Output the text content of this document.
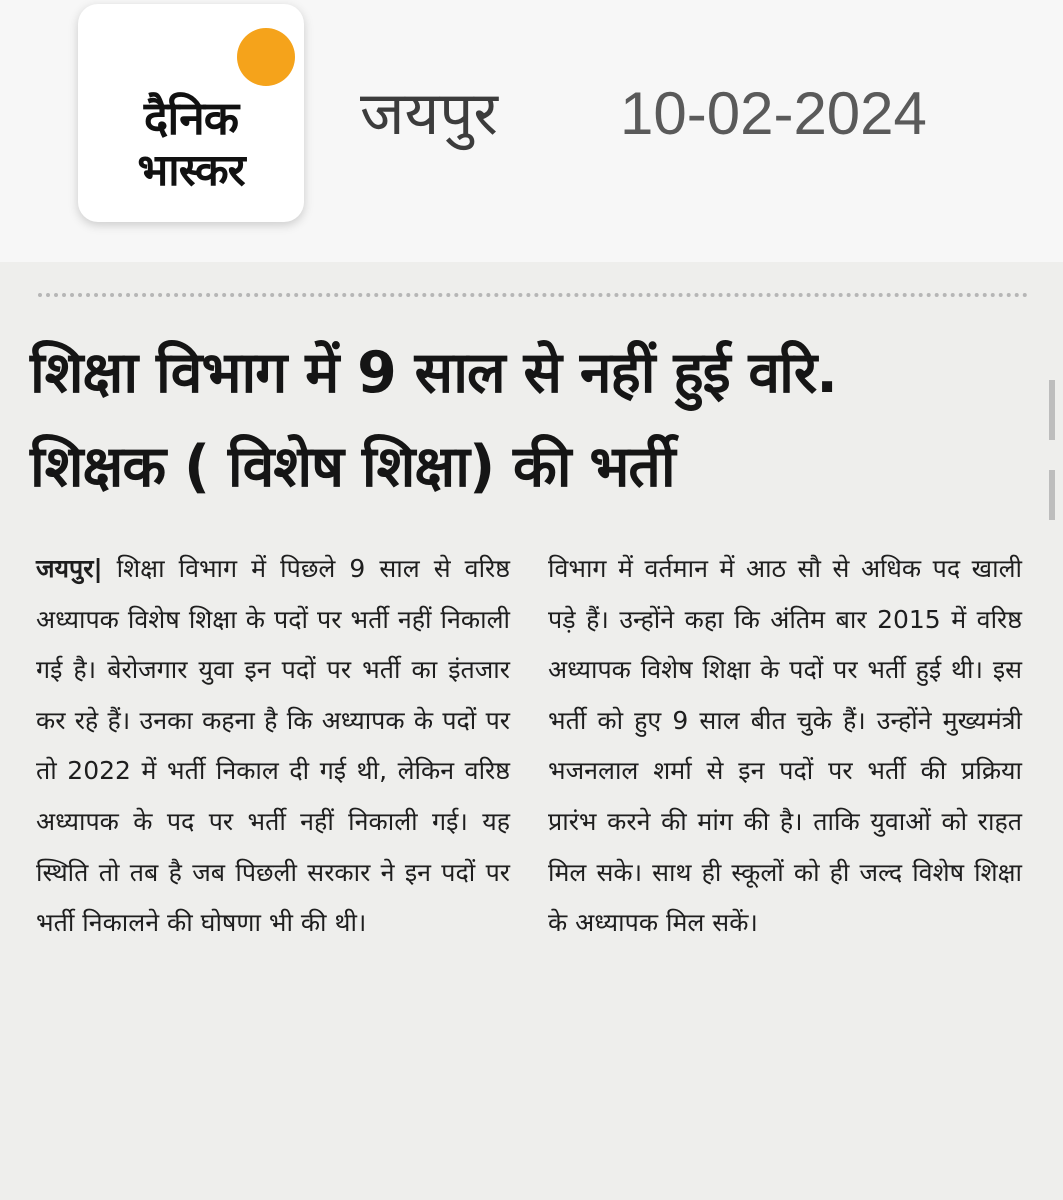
दैनिक
भास्कर
जयपुर 10-02-2024
शिक्षा विभाग में 9 साल से नहीं हुई वरि.
शिक्षक ( विशेष शिक्षा) की भर्ती
जयपुर| शिक्षा विभाग में पिछले 9 साल से वरिष्ठ अध्यापक विशेष शिक्षा के पदों पर भर्ती नहीं निकाली गई है। बेरोजगार युवा इन पदों पर भर्ती का इंतजार कर रहे हैं। उनका कहना है कि अध्यापक के पदों पर तो 2022 में भर्ती निकाल दी गई थी, लेकिन वरिष्ठ अध्यापक के पद पर भर्ती नहीं निकाली गई। यह स्थिति तो तब है जब पिछली सरकार ने इन पदों पर भर्ती निकालने की घोषणा भी की थी।
विभाग में वर्तमान में आठ सौ से अधिक पद खाली पड़े हैं। उन्होंने कहा कि अंतिम बार 2015 में वरिष्ठ अध्यापक विशेष शिक्षा के पदों पर भर्ती हुई थी। इस भर्ती को हुए 9 साल बीत चुके हैं। उन्होंने मुख्यमंत्री भजनलाल शर्मा से इन पदों पर भर्ती की प्रक्रिया प्रारंभ करने की मांग की है। ताकि युवाओं को राहत मिल सके। साथ ही स्कूलों को ही जल्द विशेष शिक्षा के अध्यापक मिल सकें।
